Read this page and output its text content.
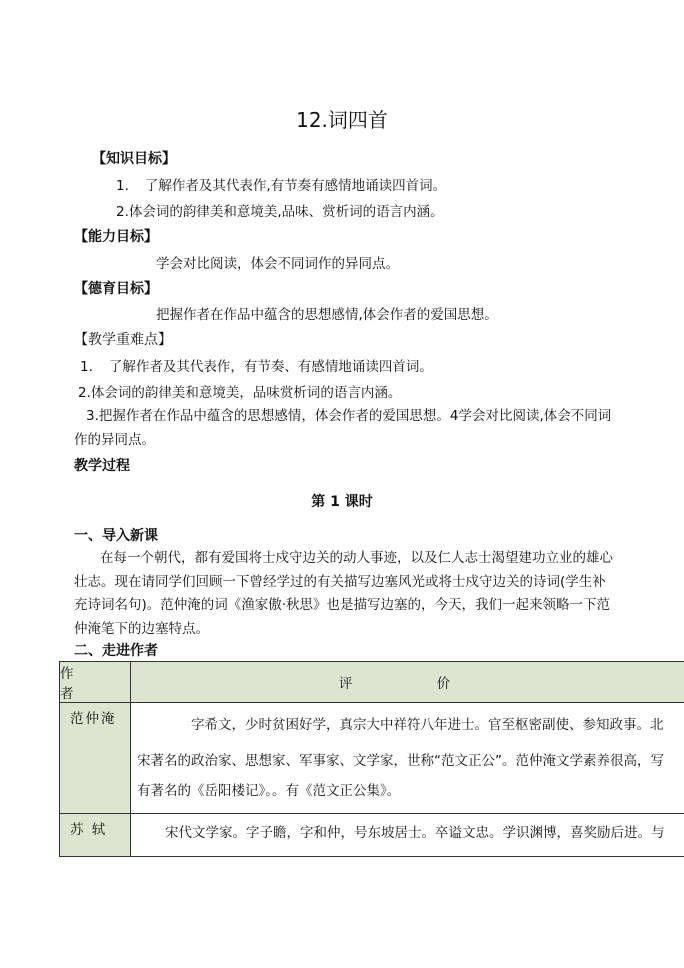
12.词四首
【知识目标】
1. 了解作者及其代表作,有节奏有感情地诵读四首词。
2.体会词的韵律美和意境美,品味、赏析词的语言内涵。
【能力目标】
学会对比阅读，体会不同词作的异同点。
【德育目标】
把握作者在作品中蕴含的思想感情,体会作者的爱国思想。
【教学重难点】
1. 了解作者及其代表作，有节奏、有感情地诵读四首词。
2.体会词的韵律美和意境美，品味赏析词的语言内涵。
3.把握作者在作品中蕴含的思想感情，体会作者的爱国思想。4学会对比阅读,体会不同词作的异同点。
教学过程
第 1 课时
一、导入新课
在每一个朝代，都有爱国将士戍守边关的动人事迹，以及仁人志士渴望建功立业的雄心壮志。现在请同学们回顾一下曾经学过的有关描写边塞风光或将士戍守边关的诗词(学生补充诗词名句)。范仲淹的词《渔家傲·秋思》也是描写边塞的，今天，我们一起来领略一下范仲淹笔下的边塞特点。
二、走进作者
作 者	评 价
范仲淹	字希文，少时贫困好学，真宗大中祥符八年进士。官至枢密副使、参知政事。北
宋著名的政治家、思想家、军事家、文学家，世称“范文正公”。范仲淹文学素养很高，写
有著名的《岳阳楼记》。。有《范文正公集》。

苏 轼	宋代文学家。字子瞻，字和仲，号东坡居士。卒谥文忠。学识渊博，喜奖励后进。与
